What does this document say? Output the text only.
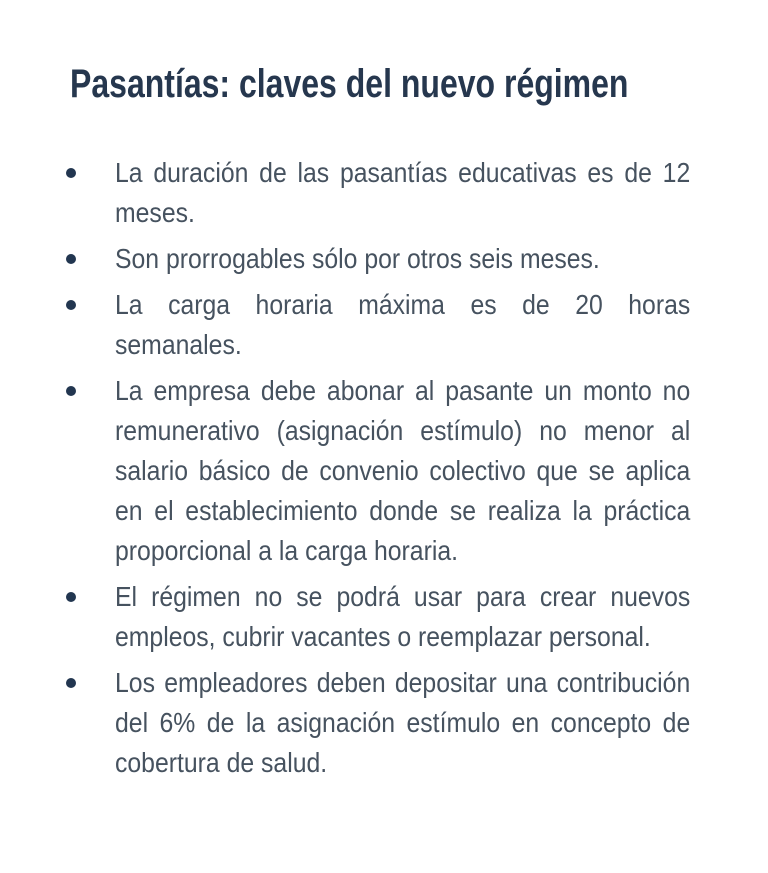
Pasantías: claves del nuevo régimen
La duración de las pasantías educativas es de 12 meses.
Son prorrogables sólo por otros seis meses.
La carga horaria máxima es de 20 horas semanales.
La empresa debe abonar al pasante un monto no remunerativo (asignación estímulo) no menor al salario básico de convenio colectivo que se aplica en el establecimiento donde se realiza la práctica proporcional a la carga horaria.
El régimen no se podrá usar para crear nuevos empleos, cubrir vacantes o reemplazar personal.
Los empleadores deben depositar una contribución del 6% de la asignación estímulo en concepto de cobertura de salud.
